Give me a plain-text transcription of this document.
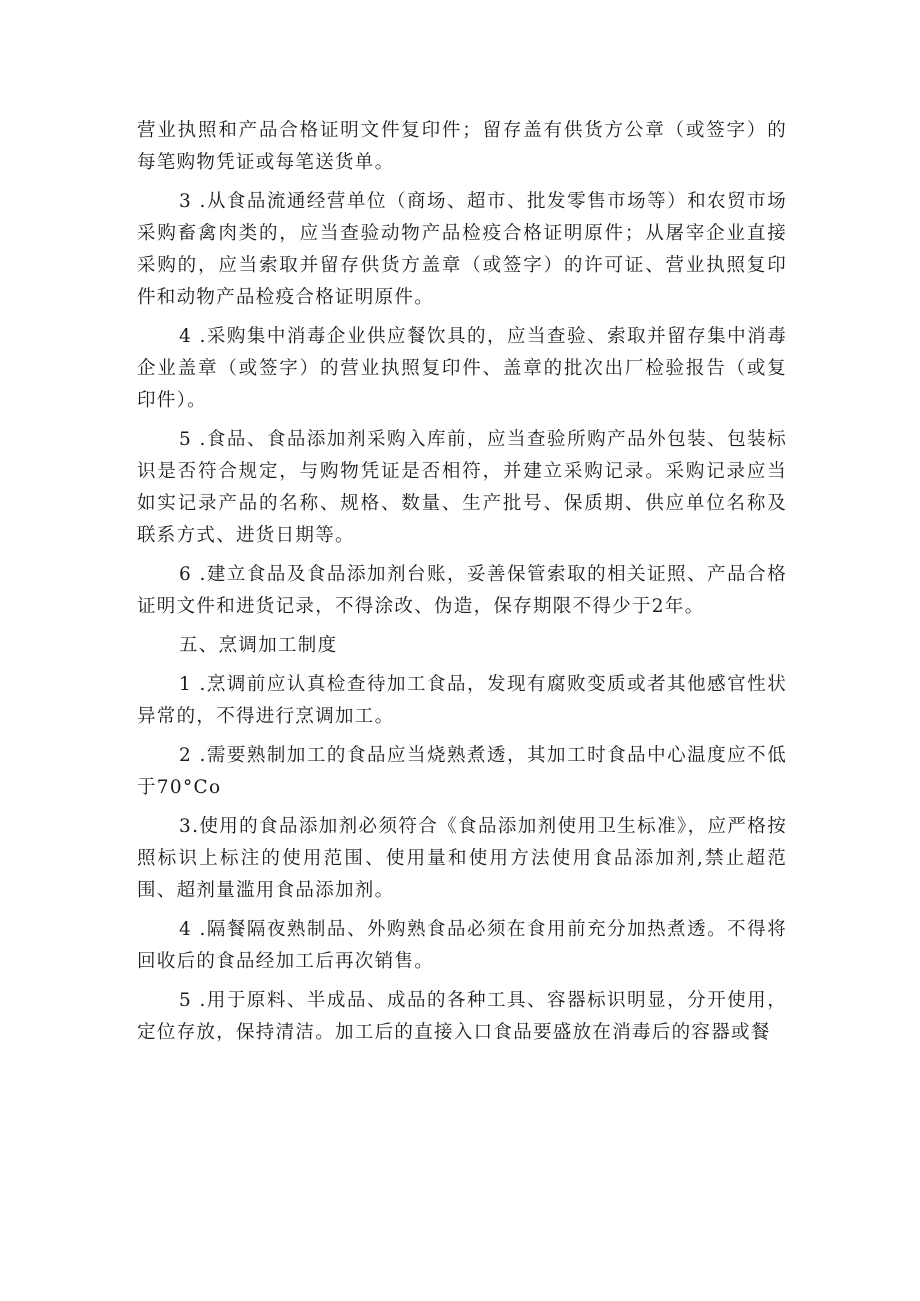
营业执照和产品合格证明文件复印件；留存盖有供货方公章（或签字）的每笔购物凭证或每笔送货单。

3 .从食品流通经营单位（商场、超市、批发零售市场等）和农贸市场采购畜禽肉类的，应当查验动物产品检疫合格证明原件；从屠宰企业直接采购的，应当索取并留存供货方盖章（或签字）的许可证、营业执照复印件和动物产品检疫合格证明原件。

4 .采购集中消毒企业供应餐饮具的，应当查验、索取并留存集中消毒企业盖章（或签字）的营业执照复印件、盖章的批次出厂检验报告（或复印件）。

5 .食品、食品添加剂采购入库前，应当查验所购产品外包装、包装标识是否符合规定，与购物凭证是否相符，并建立采购记录。采购记录应当如实记录产品的名称、规格、数量、生产批号、保质期、供应单位名称及联系方式、进货日期等。

6 .建立食品及食品添加剂台账，妥善保管索取的相关证照、产品合格证明文件和进货记录，不得涂改、伪造，保存期限不得少于2年。

五、烹调加工制度

1 .烹调前应认真检查待加工食品，发现有腐败变质或者其他感官性状异常的，不得进行烹调加工。

2 .需要熟制加工的食品应当烧熟煮透，其加工时食品中心温度应不低于70°Co

3.使用的食品添加剂必须符合《食品添加剂使用卫生标准》，应严格按照标识上标注的使用范围、使用量和使用方法使用食品添加剂,禁止超范围、超剂量滥用食品添加剂。

4 .隔餐隔夜熟制品、外购熟食品必须在食用前充分加热煮透。不得将回收后的食品经加工后再次销售。

5 .用于原料、半成品、成品的各种工具、容器标识明显，分开使用，定位存放，保持清洁。加工后的直接入口食品要盛放在消毒后的容器或餐
